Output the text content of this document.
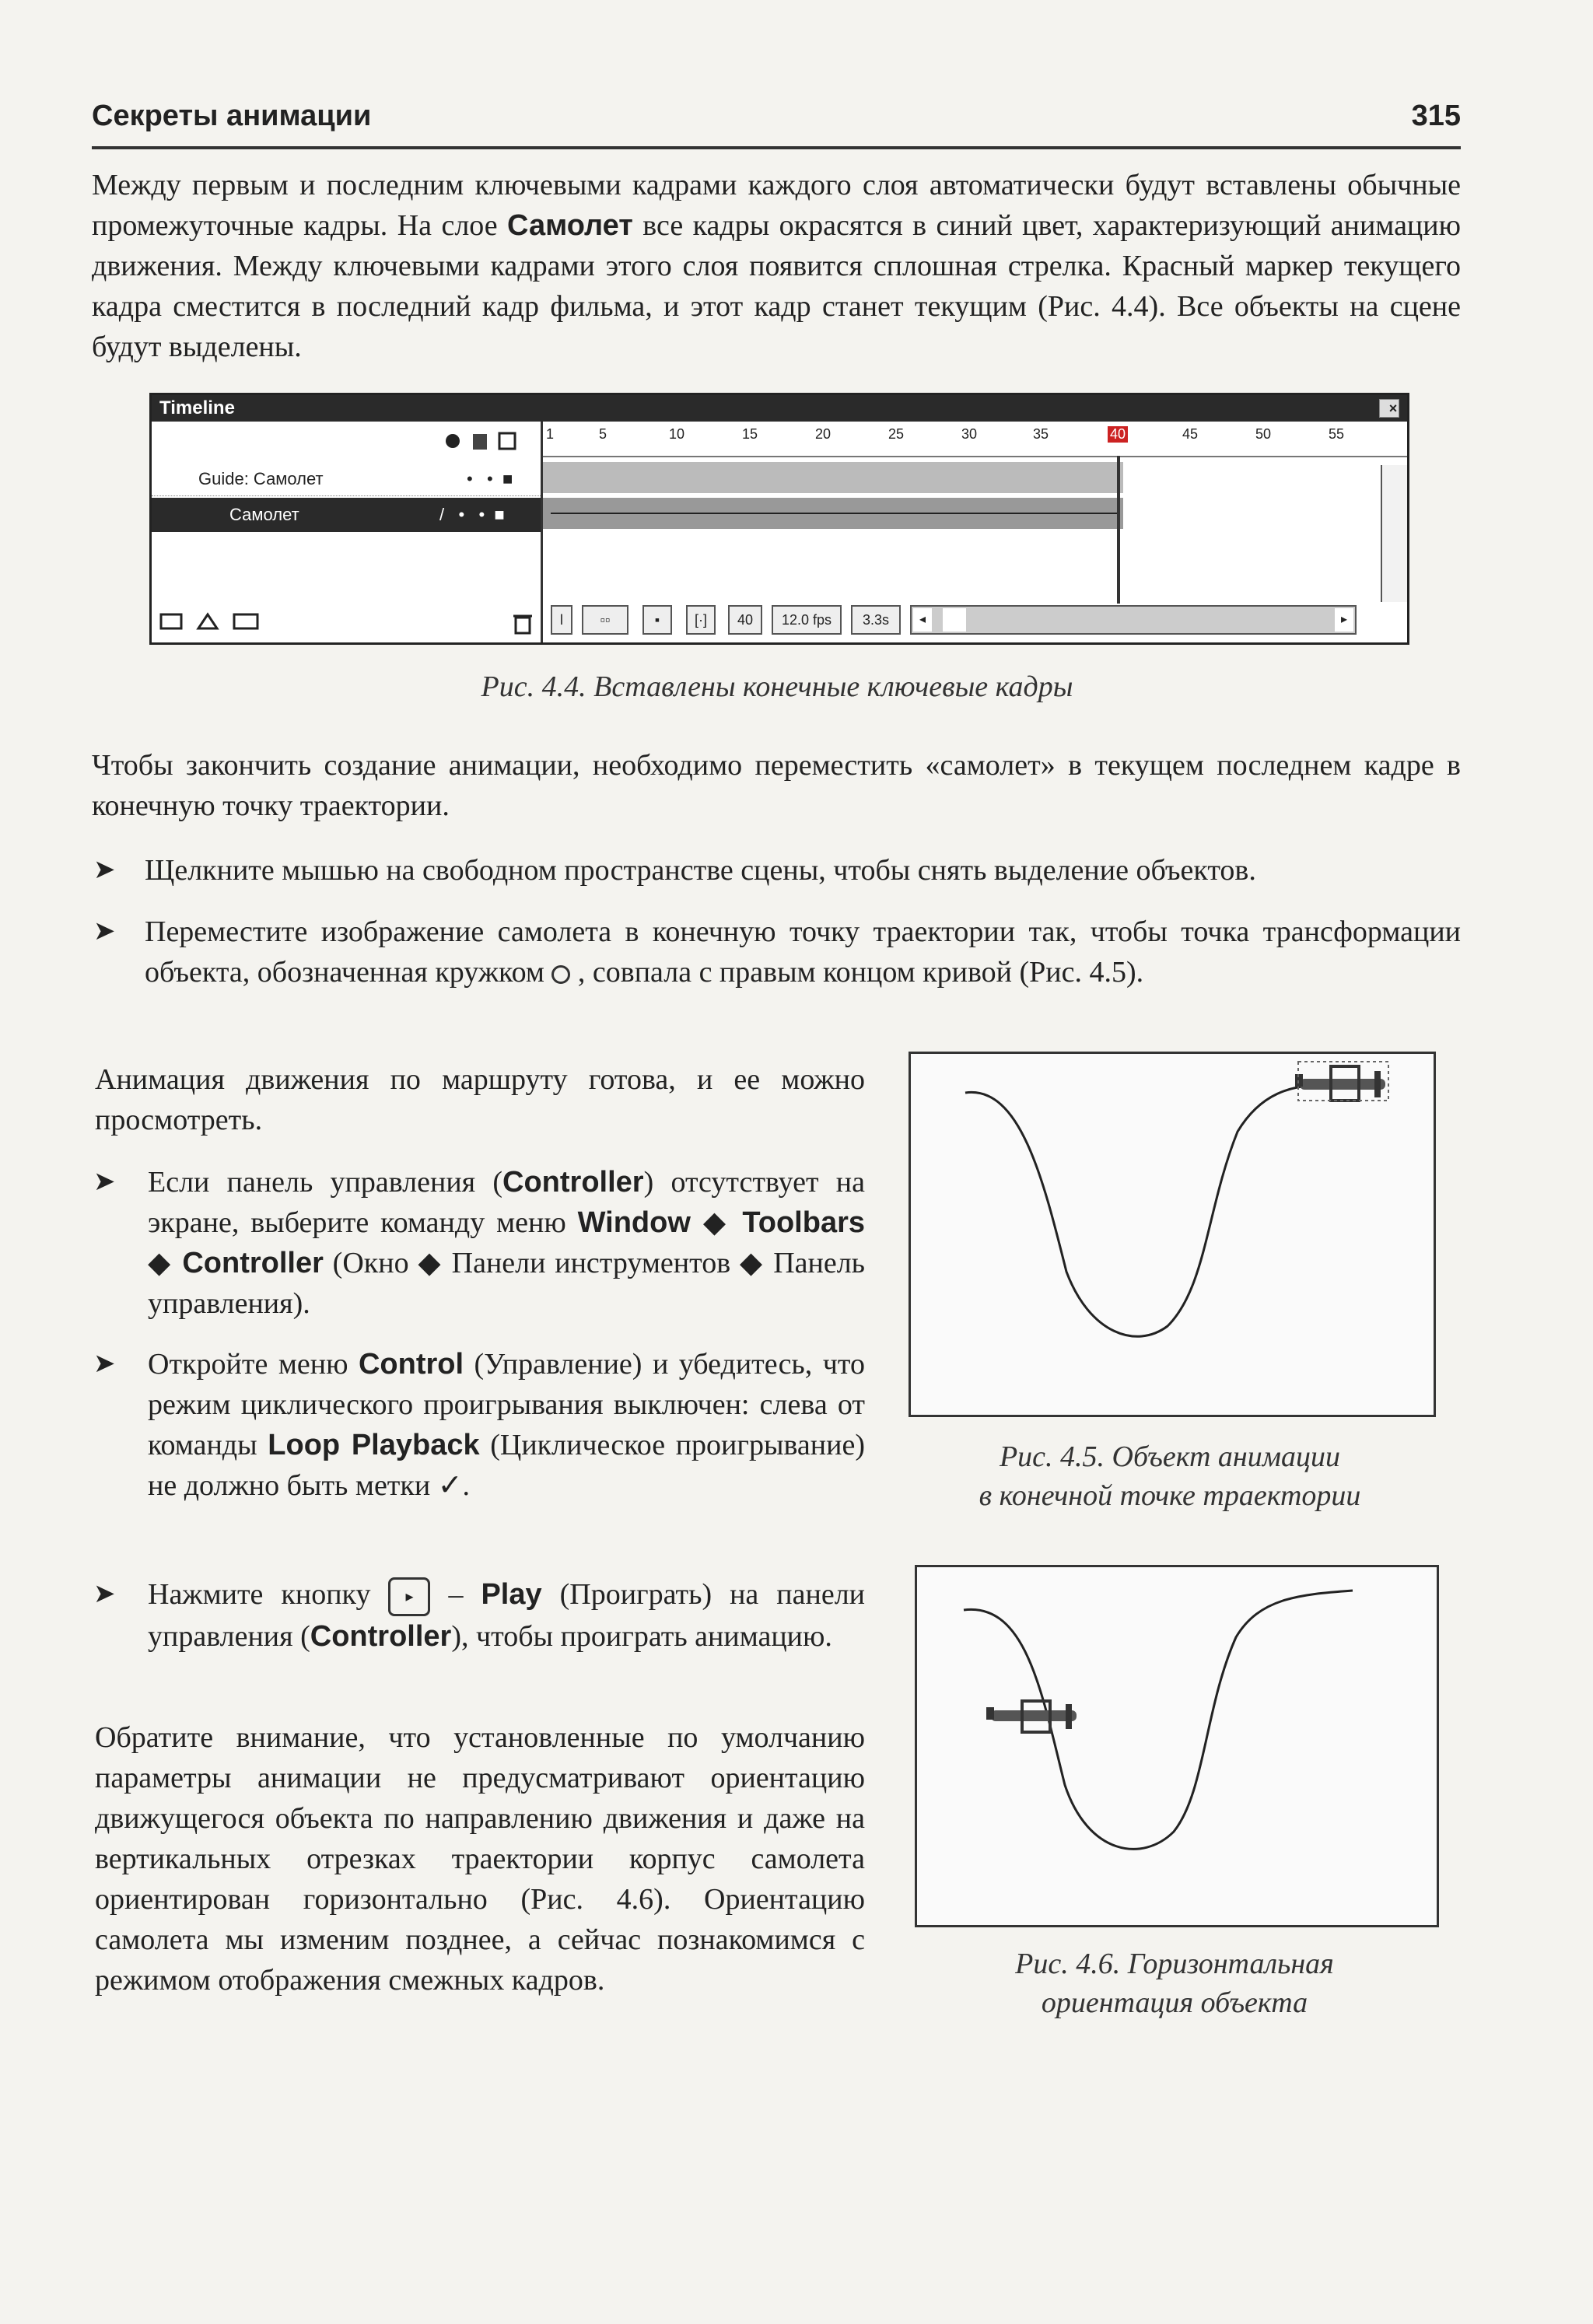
Секреты анимации	315

Между первым и последним ключевыми кадрами каждого слоя автоматически будут вставлены обычные промежуточные кадры. На слое Самолет все кадры окрасятся в синий цвет, характеризующий анимацию движения. Между ключевыми кадрами этого слоя появится сплошная стрелка. Красный маркер текущего кадра сместится в последний кадр фильма, и этот кадр станет текущим (Рис. 4.4). Все объекты на сцене будут выделены.

Timeline	×
Guide: Самолет	•   •  ■
Самолет	/   •   •  ■
1	5	10	15	20	25	30	35	40	45	50	55
ǀ	▫▫	▪	[·]	40	12.0 fps	3.3s	◂	▸
Рис. 4.4. Вставлены конечные ключевые кадры

Чтобы закончить создание анимации, необходимо переместить «самолет» в текущем последнем кадре в конечную точку траектории.

➤ Щелкните мышью на свободном пространстве сцены, чтобы снять выделение объектов.

➤ Переместите изображение самолета в конечную точку траектории так, чтобы точка трансформации объекта, обозначенная кружком  , совпала с правым концом кривой (Рис. 4.5).

Анимация движения по маршруту готова, и ее можно просмотреть.

➤ Если панель управления (Controller) отсутствует на экране, выберите команду меню Window ◆ Toolbars ◆ Controller (Окно ◆ Панели инструментов ◆ Панель управления).

➤ Откройте меню Control (Управление) и убедитесь, что режим циклического проигрывания выключен: слева от команды Loop Playback (Циклическое проигрывание) не должно быть метки ✓.

➤ Нажмите кнопку ▸ – Play (Проиграть) на панели управления (Controller), чтобы проиграть анимацию.

Обратите внимание, что установленные по умолчанию параметры анимации не предусматривают ориентацию движущегося объекта по направлению движения и даже на вертикальных отрезках траектории корпус самолета ориентирован горизонтально (Рис. 4.6). Ориентацию самолета мы изменим позднее, а сейчас познакомимся с режимом отображения смежных кадров.

Рис. 4.5. Объект анимации
в конечной точке траектории
Рис. 4.6. Горизонтальная
ориентация объекта
